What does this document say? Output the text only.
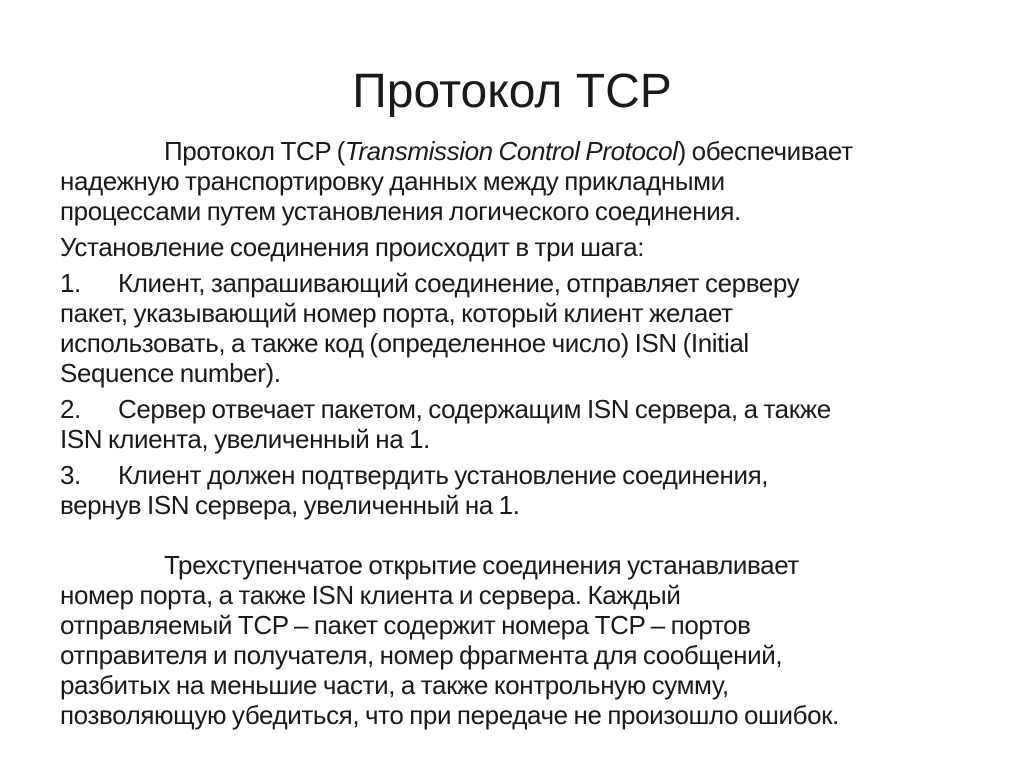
Протокол TCP
Протокол TCP (Transmission Control Protocol) обеспечивает
надежную транспортировку данных между прикладными
процессами путем установления логического соединения.
Установление соединения происходит в три шага:
1. Клиент, запрашивающий соединение, отправляет серверу
пакет, указывающий номер порта, который клиент желает
использовать, а также код (определенное число) ISN (Initial
Sequence number).
2. Сервер отвечает пакетом, содержащим ISN сервера, а также
ISN клиента, увеличенный на 1.
3. Клиент должен подтвердить установление соединения,
вернув ISN сервера, увеличенный на 1.
Трехступенчатое открытие соединения устанавливает
номер порта, а также ISN клиента и сервера. Каждый
отправляемый TCP – пакет содержит номера TCP – портов
отправителя и получателя, номер фрагмента для сообщений,
разбитых на меньшие части, а также контрольную сумму,
позволяющую убедиться, что при передаче не произошло ошибок.
